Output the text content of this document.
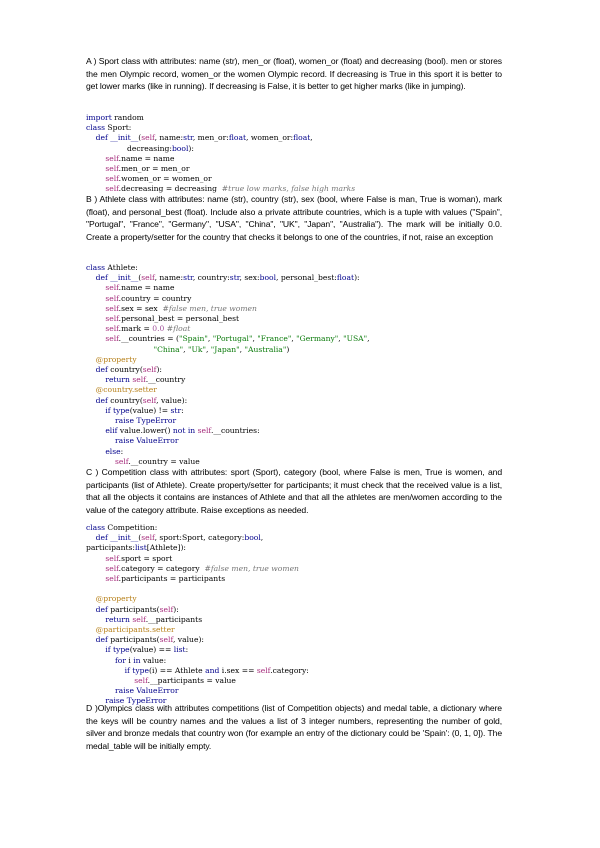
A ) Sport class with attributes: name (str), men_or (float), women_or (float) and decreasing (bool). men or stores the men Olympic record, women_or the women Olympic record. If decreasing is True in this sport it is better to get lower marks (like in running). If decreasing is False, it is better to get higher marks (like in jumping).

import random
class Sport:
def __init__(self, name:str, men_or:float, women_or:float,
decreasing:bool):
self.name = name
self.men_or = men_or
self.women_or = women_or
self.decreasing = decreasing  #true low marks, false high marks

B ) Athlete class with attributes: name (str), country (str), sex (bool, where False is man, True is woman), mark (float), and personal_best (float). Include also a private attribute countries, which is a tuple with values ("Spain", "Portugal", "France", "Germany", "USA", "China", "UK", "Japan", "Australia"). The mark will be initially 0.0. Create a property/setter for the country that checks it belongs to one of the countries, if not, raise an exception

class Athlete:
def __init__(self, name:str, country:str, sex:bool, personal_best:float):
self.name = name
self.country = country
self.sex = sex  #false men, true women
self.personal_best = personal_best
self.mark = 0.0 #float
self.__countries = ("Spain", "Portugal", "France", "Germany", "USA",
"China", "Uk", "Japan", "Australia")
@property
def country(self):
return self.__country
@country.setter
def country(self, value):
if type(value) != str:
raise TypeError
elif value.lower() not in self.__countries:
raise ValueError
else:
self.__country = value

C ) Competition class with attributes: sport (Sport), category (bool, where False is men, True is women, and participants (list of Athlete). Create property/setter for participants; it must check that the received value is a list, that all the objects it contains are instances of Athlete and that all the athletes are men/women according to the value of the category attribute. Raise exceptions as needed.

class Competition:
def __init__(self, sport:Sport, category:bool,
participants:list[Athlete]):
self.sport = sport
self.category = category  #false men, true women
self.participants = participants

@property
def participants(self):
return self.__participants
@participants.setter
def participants(self, value):
if type(value) == list:
for i in value:
if type(i) == Athlete and i.sex == self.category:
self.__participants = value
raise ValueError
raise TypeError

D )Olympics class with attributes competitions (list of Competition objects) and medal table, a dictionary where the keys will be country names and the values a list of 3 integer numbers, representing the number of gold, silver and bronze medals that country won (for example an entry of the dictionary could be 'Spain': (0, 1, 0]). The medal_table will be initially empty.
